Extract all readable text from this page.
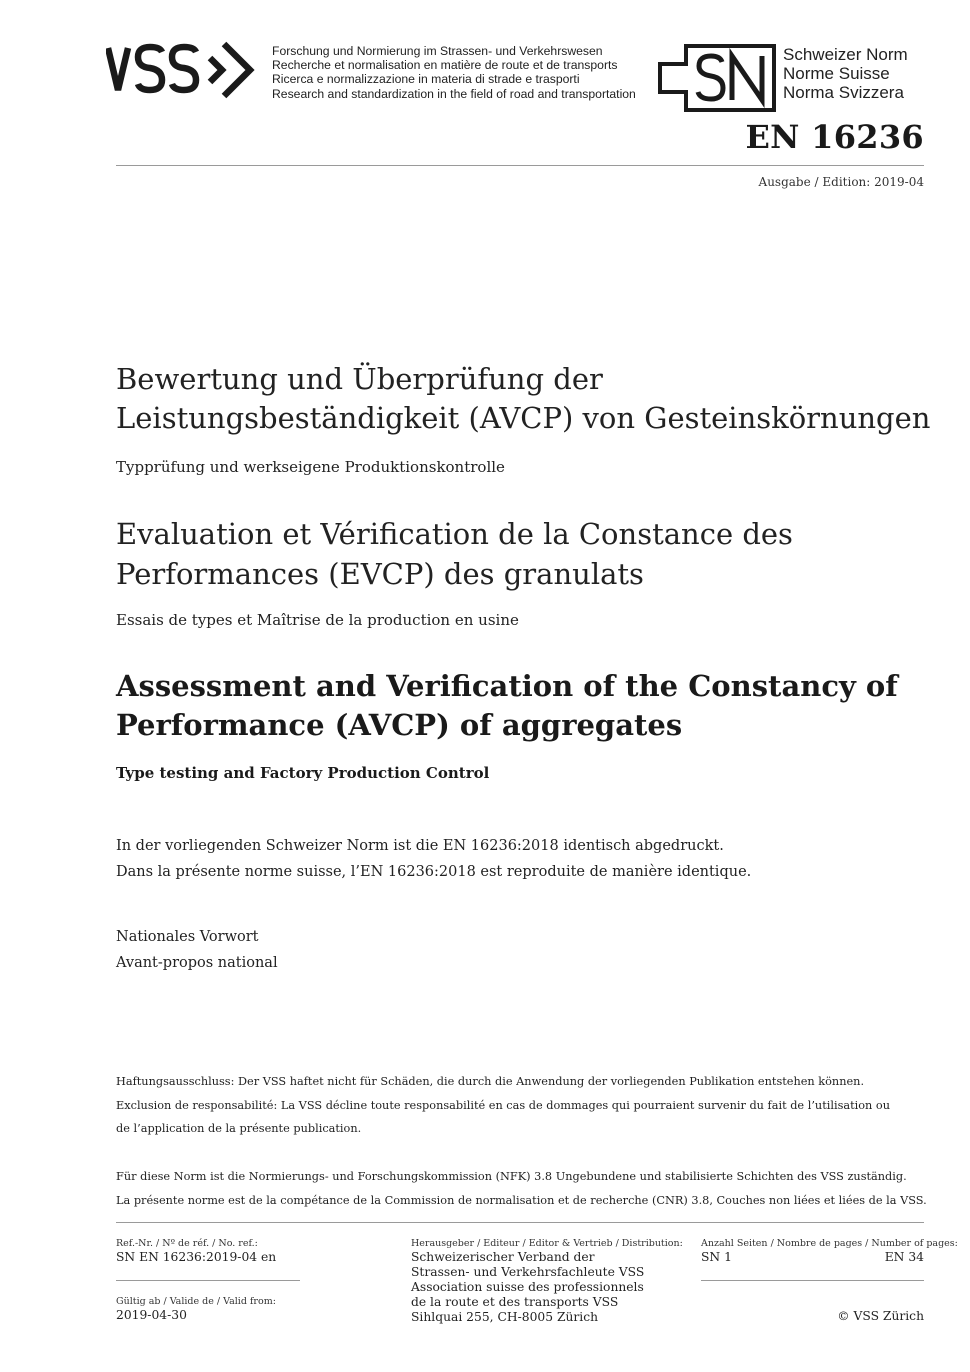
Forschung und Normierung im Strassen- und Verkehrswesen
Recherche et normalisation en matière de route et de transports
Ricerca e normalizzazione in materia di strade e trasporti
Research and standardization in the field of road and transportation
Schweizer Norm
Norme Suisse
Norma Svizzera
EN 16236
Ausgabe / Edition: 2019-04
Bewertung und Überprüfung der Leistungsbeständigkeit (AVCP) von Gesteinskörnungen
Typprüfung und werkseigene Produktionskontrolle
Evaluation et Vérification de la Constance des Performances (EVCP) des granulats
Essais de types et Maîtrise de la production en usine
Assessment and Verification of the Constancy of Performance (AVCP) of aggregates
Type testing and Factory Production Control
In der vorliegenden Schweizer Norm ist die EN 16236:2018 identisch abgedruckt.
Dans la présente norme suisse, l’EN 16236:2018 est reproduite de manière identique.
Nationales Vorwort
Avant-propos national
Haftungsausschluss: Der VSS haftet nicht für Schäden, die durch die Anwendung der vorliegenden Publikation entstehen können.
Exclusion de responsabilité: La VSS décline toute responsabilité en cas de dommages qui pourraient survenir du fait de l’utilisation ou
de l’application de la présente publication.
Für diese Norm ist die Normierungs- und Forschungskommission (NFK) 3.8 Ungebundene und stabilisierte Schichten des VSS zuständig.
La présente norme est de la compétance de la Commission de normalisation et de recherche (CNR) 3.8, Couches non liées et liées de la VSS.
Ref.-Nr. / Nº de réf. / No. ref.:
SN EN 16236:2019-04 en
Gültig ab / Valide de / Valid from:
2019-04-30
Herausgeber / Editeur / Editor & Vertrieb / Distribution:
Schweizerischer Verband der
Strassen- und Verkehrsfachleute VSS
Association suisse des professionnels
de la route et des transports VSS
Sihlquai 255, CH-8005 Zürich
Anzahl Seiten / Nombre de pages / Number of pages:
SN 1	EN 34
© VSS Zürich
